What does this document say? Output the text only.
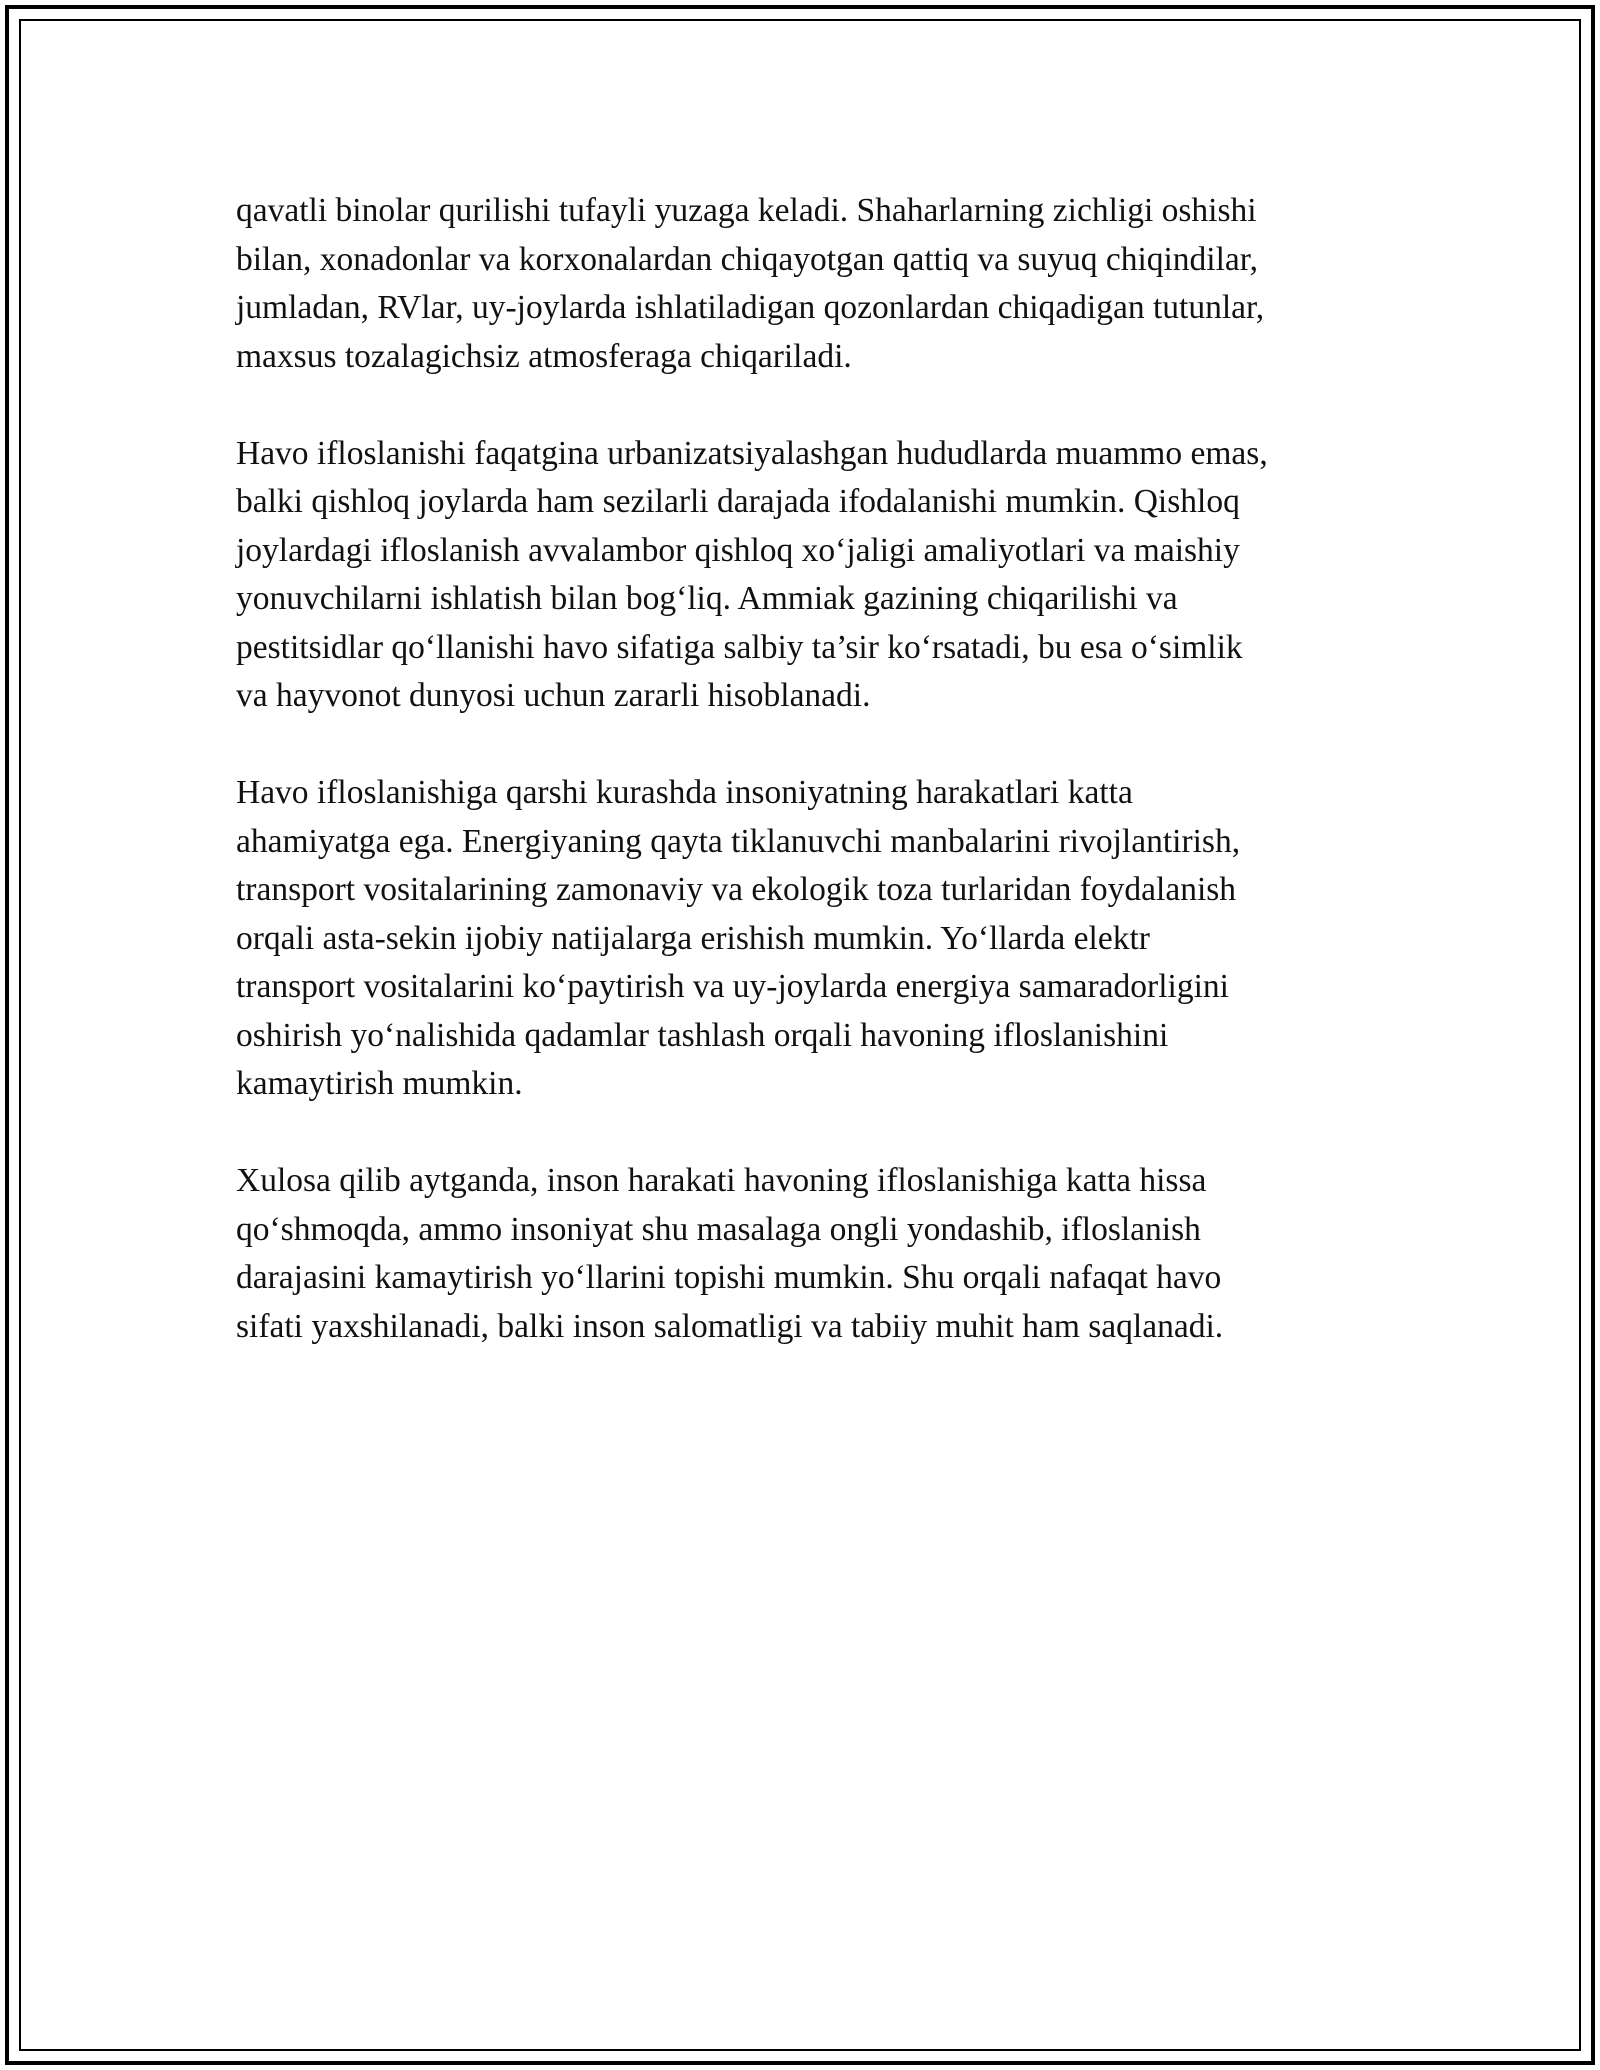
qavatli binolar qurilishi tufayli yuzaga keladi. Shaharlarning zichligi oshishi
bilan, xonadonlar va korxonalardan chiqayotgan qattiq va suyuq chiqindilar,
jumladan, RVlar, uy-joylarda ishlatiladigan qozonlardan chiqadigan tutunlar,
maxsus tozalagichsiz atmosferaga chiqariladi.

Havo ifloslanishi faqatgina urbanizatsiyalashgan hududlarda muammo emas,
balki qishloq joylarda ham sezilarli darajada ifodalanishi mumkin. Qishloq
joylardagi ifloslanish avvalambor qishloq xo‘jaligi amaliyotlari va maishiy
yonuvchilarni ishlatish bilan bog‘liq. Ammiak gazining chiqarilishi va
pestitsidlar qo‘llanishi havo sifatiga salbiy ta’sir ko‘rsatadi, bu esa o‘simlik
va hayvonot dunyosi uchun zararli hisoblanadi.

Havo ifloslanishiga qarshi kurashda insoniyatning harakatlari katta
ahamiyatga ega. Energiyaning qayta tiklanuvchi manbalarini rivojlantirish,
transport vositalarining zamonaviy va ekologik toza turlaridan foydalanish
orqali asta-sekin ijobiy natijalarga erishish mumkin. Yo‘llarda elektr
transport vositalarini ko‘paytirish va uy-joylarda energiya samaradorligini
oshirish yo‘nalishida qadamlar tashlash orqali havoning ifloslanishini
kamaytirish mumkin.

Xulosa qilib aytganda, inson harakati havoning ifloslanishiga katta hissa
qo‘shmoqda, ammo insoniyat shu masalaga ongli yondashib, ifloslanish
darajasini kamaytirish yo‘llarini topishi mumkin. Shu orqali nafaqat havo
sifati yaxshilanadi, balki inson salomatligi va tabiiy muhit ham saqlanadi.
